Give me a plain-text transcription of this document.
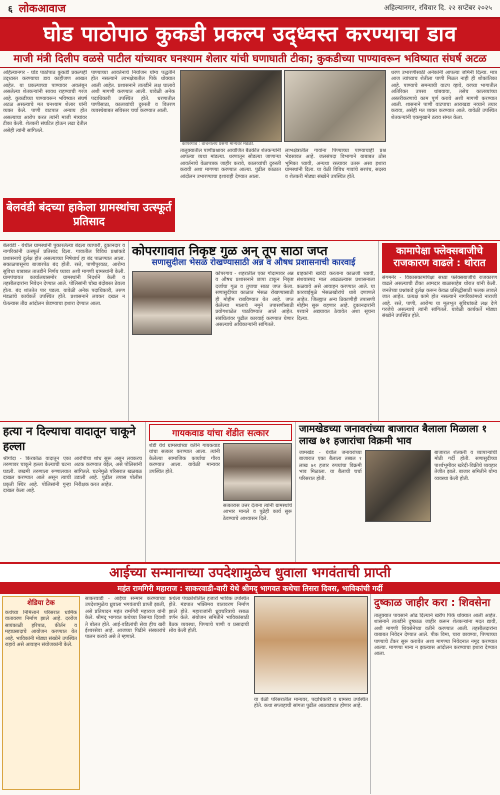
६ लोकआवाज	अहिल्यानगर, रविवार दि. २२ सप्टेंबर २०२५
घोड पाठोपाठ कुकडी प्रकल्प उद्ध्वस्त करण्याचा डाव
माजी मंत्री दिलीप वळसे पाटील यांच्यावर घनश्याम शेलार यांची घणाघाती टीका; कुकडीच्या पाण्यावरून भविष्यात संघर्ष अटळ
अहिल्यानगर - घोड पाठोपाठ कुकडी प्रकल्पही उद्ध्वस्त करण्याचा डाव काहीजण आखत आहेत. या प्रकल्पाच्या पाण्यावर अवलंबून असलेल्या शेतकऱ्यांनी सावध राहण्याची गरज आहे. कुकडीच्या पाण्यावरून भविष्यात संघर्ष अटळ असल्याचे मत घनश्याम शेलार यांनी व्यक्त केले. पाणी वाटपात अन्याय होत असल्याचा आरोप करत त्यांनी माजी मंत्र्यांवर टीका केली. शेतकरी संघटित होऊन लढा देतील असेही त्यांनी सांगितले.
पाण्याच्या आवर्तनाचे नियोजन योग्य पद्धतीने होत नसल्याने लाभक्षेत्रातील पिके धोक्यात आली आहेत. प्रशासनाने तातडीने लक्ष घालावे अशी मागणी करण्यात आली. यावेळी अनेक पदाधिकारी उपस्थित होते. धरणातील पाणीसाठा, कालव्यांची दुरुस्ती व वितरण व्यवस्थेबाबत सविस्तर चर्चा करण्यात आली.
बेलवंडी बंदच्या हाकेला ग्रामस्थांचा उत्स्फूर्त प्रतिसाद
कोपरगाव : वाचनालय प्रसंगी मान्यवर मंडळी.
तालुक्यातील पाणीप्रश्नावर आयोजित बैठकीत शेतकऱ्यांनी आपल्या व्यथा मांडल्या. धरणातून सोडल्या जाणाऱ्या आवर्तनाचे वेळापत्रक जाहीर करावे, कालव्यांची दुरुस्ती करावी अशा मागण्या करण्यात आल्या. पुढील काळात आंदोलन उभारण्याचा इशाराही देण्यात आला.
लाभक्षेत्रातील गावांना पिण्याच्या पाण्याचाही प्रश्न भेडसावत आहे. जलसंपदा विभागाने याबाबत ठोस भूमिका घ्यावी, अन्यथा रस्त्यावर उतरू असा इशारा ग्रामस्थांनी दिला. या वेळी विविध गावांचे सरपंच, सदस्य व शेतकरी मोठ्या संख्येने उपस्थित होते.
धरण उभारणीसाठी अनेकांनी आपल्या जमिनी दिल्या. मात्र आज त्यांच्याच शेतीला पाणी मिळत नाही ही शोकांतिका आहे. पाण्याचे समन्यायी वाटप व्हावे, वरच्या भागातील अतिरिक्त उपसा थांबवावा, तसेच कालव्यांच्या अस्तरीकरणाचे काम पूर्ण करावे अशी मागणी करण्यात आली. शासनाने पाणी वाटपाचा आराखडा नव्याने तयार करावा, असेही मत व्यक्त करण्यात आले. यावेळी उपस्थित शेतकऱ्यांनी एकमुखाने ठराव संमत केला.
बेलवंडी - येथील ग्रामस्थांनी पुकारलेल्या बंदला व्यापारी, दुकानदार व नागरिकांनी उत्स्फूर्त प्रतिसाद दिला. गावातील विविध प्रश्नांकडे प्रशासनाचे दुर्लक्ष होत असल्याच्या निषेधार्थ हा बंद पाळण्यात आला. सकाळपासूनच बाजारपेठ बंद होती. रस्ते, पाणीपुरवठा, आरोग्य सुविधा याबाबत तातडीने निर्णय घ्यावा अशी मागणी ग्रामस्थांनी केली. ग्रामपंचायत कार्यालयासमोर ग्रामस्थांनी निदर्शने केली व तहसीलदारांना निवेदन देण्यात आले. पोलिसांनी चोख बंदोबस्त ठेवला होता. बंद शांततेत पार पडला. यावेळी अनेक पदाधिकारी, तरुण मंडळांचे कार्यकर्ते उपस्थित होते. प्रशासनाने लवकर दखल न घेतल्यास तीव्र आंदोलन छेडण्याचा इशारा देण्यात आला.
कोपरगावात निकृष्ट गुळ अन्‌ तूप साठा जप्त
सणासुदीला भेसळ रोखण्यासाठी अन्न व औषध प्रशासनाची कारवाई
कोपरगाव - शहरातील एका गोदामावर अन्न व औषध प्रशासनाने छापा टाकून निकृष्ट दर्जाचा गूळ व तुपाचा साठा जप्त केला. सणासुदीच्या काळात भेसळ रोखण्यासाठी ही मोहीम राबविण्यात येत आहे. जप्त केलेल्या मालाचे नमुने तपासणीसाठी प्रयोगशाळेत पाठविण्यात आले आहेत. संबंधितांवर पुढील कारवाई करण्यात येणार असल्याचे अधिकाऱ्यांनी सांगितले.
ग्राहकांनी खरेदी करताना काळजी घ्यावी, संशयास्पद माल आढळल्यास प्रशासनाला कळवावे असे आवाहन करण्यात आले. या कारवाईमुळे भेसळखोरांचे धाबे दणाणले आहेत. जिल्ह्यात अन्य ठिकाणीही तपासणी मोहीम सुरू राहणार आहे. दुकानदारांनी परवाने अद्ययावत ठेवावेत अशा सूचना दिल्या.
कामापेक्षा फ्लेक्सबाजीचे राजकारण वाढले : थोरात
संगमनेर - विकासकामांपेक्षा सध्या फ्लेक्सबाजीचे राजकारण वाढले असल्याची टीका आमदार बाळासाहेब थोरात यांनी केली. जनतेच्या प्रश्नांकडे दुर्लक्ष करून केवळ प्रसिद्धीसाठी फलक लावले जात आहेत. प्रत्यक्ष कामे होत नसल्याने नागरिकांमध्ये नाराजी आहे. रस्ते, पाणी, आरोग्य या मूलभूत सुविधांकडे लक्ष देणे गरजेचे असल्याचे त्यांनी सांगितले. यावेळी कार्यकर्ते मोठ्या संख्येने उपस्थित होते.
हत्या न दिल्याचा वादातून चाकूने हल्ला
श्रीगोंदा - किरकोळ वादातून एका तरुणावर चाकूने हल्ला केल्याची घटना घडली. जखमी तरुणाला रुग्णालयात दाखल करण्यात आले असून त्याची प्रकृती स्थिर आहे. पोलिसांनी गुन्हा दाखल केला आहे.
आरोपीचा शोध सुरू असून लवकरच अटक करण्यात येईल, असे पोलिसांनी सांगितले. घटनेमुळे परिसरात खळबळ उडाली आहे. पुढील तपास पोलीस निरीक्षक करत आहेत.
गायकवाड यांचा शेंडीत सत्कार
शेंडी येथे ग्रामस्थांच्या वतीने गायकवाड यांचा सत्कार करण्यात आला. त्यांनी केलेल्या सामाजिक कार्याचा गौरव करण्यात आला. यावेळी मान्यवर उपस्थित होते.
सत्कारास उत्तर देताना त्यांनी ग्रामस्थांचे आभार मानले व पुढेही कार्य सुरू ठेवण्याचे आश्वासन दिले.
जामखेडच्या जनावरांच्या बाजारात बैलाला मिळाला १ लाख ७१ हजारांचा विक्रमी भाव
जामखेड - येथील जनावरांच्या बाजारात एका बैलाला तब्बल १ लाख ७१ हजार रुपयांचा विक्रमी भाव मिळाला. या बैलाची चर्चा परिसरात होती.
बाजारात शेतकरी व व्यापाऱ्यांची मोठी गर्दी होती. सणासुदीच्या पार्श्वभूमीवर खरेदी-विक्रीचे व्यवहार तेजीत झाले. बाजार समितीने योग्य व्यवस्था केली होती.
आईच्या सन्मानाच्या उपदेशामुळेच धुवाला भगवंताची प्राप्ती
महंत रामगिरी महाराज : साकरवाडी-वारी येथे श्रीमद्‌ भागवत कथेचा तिसरा दिवस, भाविकांची गर्दी
शेडिया टेक
कथेच्या निमित्ताने परिसरात धार्मिक वातावरण निर्माण झाले आहे. दररोज सायंकाळी हरिपाठ, कीर्तन व महाप्रसादाचे आयोजन करण्यात येत आहे. भाविकांनी मोठ्या संख्येने उपस्थित राहावे असे आवाहन संयोजकांनी केले.
साकरवाडी - आईचा सन्मान करण्याच्या उपदेशामुळेच ध्रुवाला भगवंताची प्राप्ती झाली, असे प्रतिपादन महंत रामगिरी महाराज यांनी केले. श्रीमद्‌ भागवत कथेच्या तिसऱ्या दिवशी ते बोलत होते. आई-वडिलांची सेवा हीच खरी ईश्वरसेवा आहे. आजच्या पिढीने संस्कारांचे पालन करावे असे ते म्हणाले.
कथेला पंचक्रोशीतील हजारो भाविक उपस्थित होते. मंडपात भक्तिमय वातावरण निर्माण झाले होते. महाराजांनी ध्रुवचरित्राचे रसाळ वर्णन केले. संयोजन समितीने भाविकांसाठी बैठक व्यवस्था, पिण्याचे पाणी व प्रसादाची सोय केली होती.
या वेळी परिसरातील मान्यवर, पदाधिकारी व ग्रामस्थ उपस्थित होते. कथा सप्ताहाची सांगता पुढील आठवड्यात होणार आहे.
दुष्काळ जाहीर करा : शिवसेना
तालुक्यात पावसाने ओढ दिल्याने खरीप पिके धोक्यात आली आहेत. शासनाने तातडीने दुष्काळ जाहीर करून शेतकऱ्यांना मदत द्यावी, अशी मागणी शिवसेनेच्या वतीने करण्यात आली. तहसीलदारांना याबाबत निवेदन देण्यात आले. पीक विमा, चारा छावण्या, पिण्याच्या पाण्याचे टँकर सुरू करावेत अशा मागण्या निवेदनात नमूद करण्यात आल्या. मागण्या मान्य न झाल्यास आंदोलन करण्याचा इशारा देण्यात आला.
